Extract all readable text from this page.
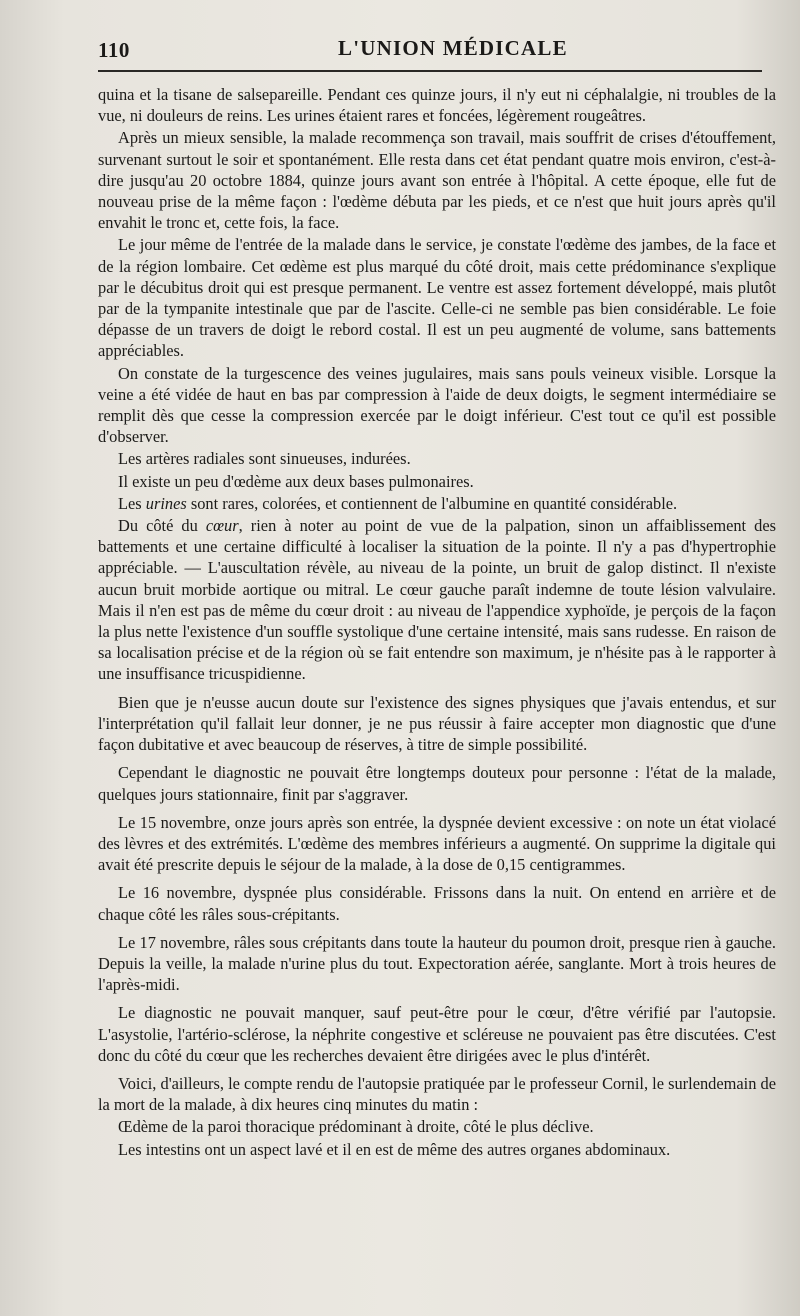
110	L'UNION MÉDICALE

quina et la tisane de salsepareille. Pendant ces quinze jours, il n'y eut ni céphalalgie, ni troubles de la vue, ni douleurs de reins. Les urines étaient rares et foncées, légèrement rougeâtres.

Après un mieux sensible, la malade recommença son travail, mais souffrit de crises d'étouffement, survenant surtout le soir et spontanément. Elle resta dans cet état pendant quatre mois environ, c'est-à-dire jusqu'au 20 octobre 1884, quinze jours avant son entrée à l'hôpital. A cette époque, elle fut de nouveau prise de la même façon : l'œdème débuta par les pieds, et ce n'est que huit jours après qu'il envahit le tronc et, cette fois, la face.

Le jour même de l'entrée de la malade dans le service, je constate l'œdème des jambes, de la face et de la région lombaire. Cet œdème est plus marqué du côté droit, mais cette prédominance s'explique par le décubitus droit qui est presque permanent. Le ventre est assez fortement développé, mais plutôt par de la tympanite intestinale que par de l'ascite. Celle-ci ne semble pas bien considérable. Le foie dépasse de un travers de doigt le rebord costal. Il est un peu augmenté de volume, sans battements appréciables.

On constate de la turgescence des veines jugulaires, mais sans pouls veineux visible. Lorsque la veine a été vidée de haut en bas par compression à l'aide de deux doigts, le segment intermédiaire se remplit dès que cesse la compression exercée par le doigt inférieur. C'est tout ce qu'il est possible d'observer.

Les artères radiales sont sinueuses, indurées.

Il existe un peu d'œdème aux deux bases pulmonaires.

Les urines sont rares, colorées, et contiennent de l'albumine en quantité considérable.

Du côté du cœur, rien à noter au point de vue de la palpation, sinon un affaiblissement des battements et une certaine difficulté à localiser la situation de la pointe. Il n'y a pas d'hypertrophie appréciable. — L'auscultation révèle, au niveau de la pointe, un bruit de galop distinct. Il n'existe aucun bruit morbide aortique ou mitral. Le cœur gauche paraît indemne de toute lésion valvulaire. Mais il n'en est pas de même du cœur droit : au niveau de l'appendice xyphoïde, je perçois de la façon la plus nette l'existence d'un souffle systolique d'une certaine intensité, mais sans rudesse. En raison de sa localisation précise et de la région où se fait entendre son maximum, je n'hésite pas à le rapporter à une insuffisance tricuspidienne.

Bien que je n'eusse aucun doute sur l'existence des signes physiques que j'avais entendus, et sur l'interprétation qu'il fallait leur donner, je ne pus réussir à faire accepter mon diagnostic que d'une façon dubitative et avec beaucoup de réserves, à titre de simple possibilité.

Cependant le diagnostic ne pouvait être longtemps douteux pour personne : l'état de la malade, quelques jours stationnaire, finit par s'aggraver.

Le 15 novembre, onze jours après son entrée, la dyspnée devient excessive : on note un état violacé des lèvres et des extrémités. L'œdème des membres inférieurs a augmenté. On supprime la digitale qui avait été prescrite depuis le séjour de la malade, à la dose de 0,15 centigrammes.

Le 16 novembre, dyspnée plus considérable. Frissons dans la nuit. On entend en arrière et de chaque côté les râles sous-crépitants.

Le 17 novembre, râles sous crépitants dans toute la hauteur du poumon droit, presque rien à gauche. Depuis la veille, la malade n'urine plus du tout. Expectoration aérée, sanglante. Mort à trois heures de l'après-midi.

Le diagnostic ne pouvait manquer, sauf peut-être pour le cœur, d'être vérifié par l'autopsie. L'asystolie, l'artério-sclérose, la néphrite congestive et scléreuse ne pouvaient pas être discutées. C'est donc du côté du cœur que les recherches devaient être dirigées avec le plus d'intérêt.

Voici, d'ailleurs, le compte rendu de l'autopsie pratiquée par le professeur Cornil, le surlendemain de la mort de la malade, à dix heures cinq minutes du matin :

Œdème de la paroi thoracique prédominant à droite, côté le plus déclive.

Les intestins ont un aspect lavé et il en est de même des autres organes abdominaux.
